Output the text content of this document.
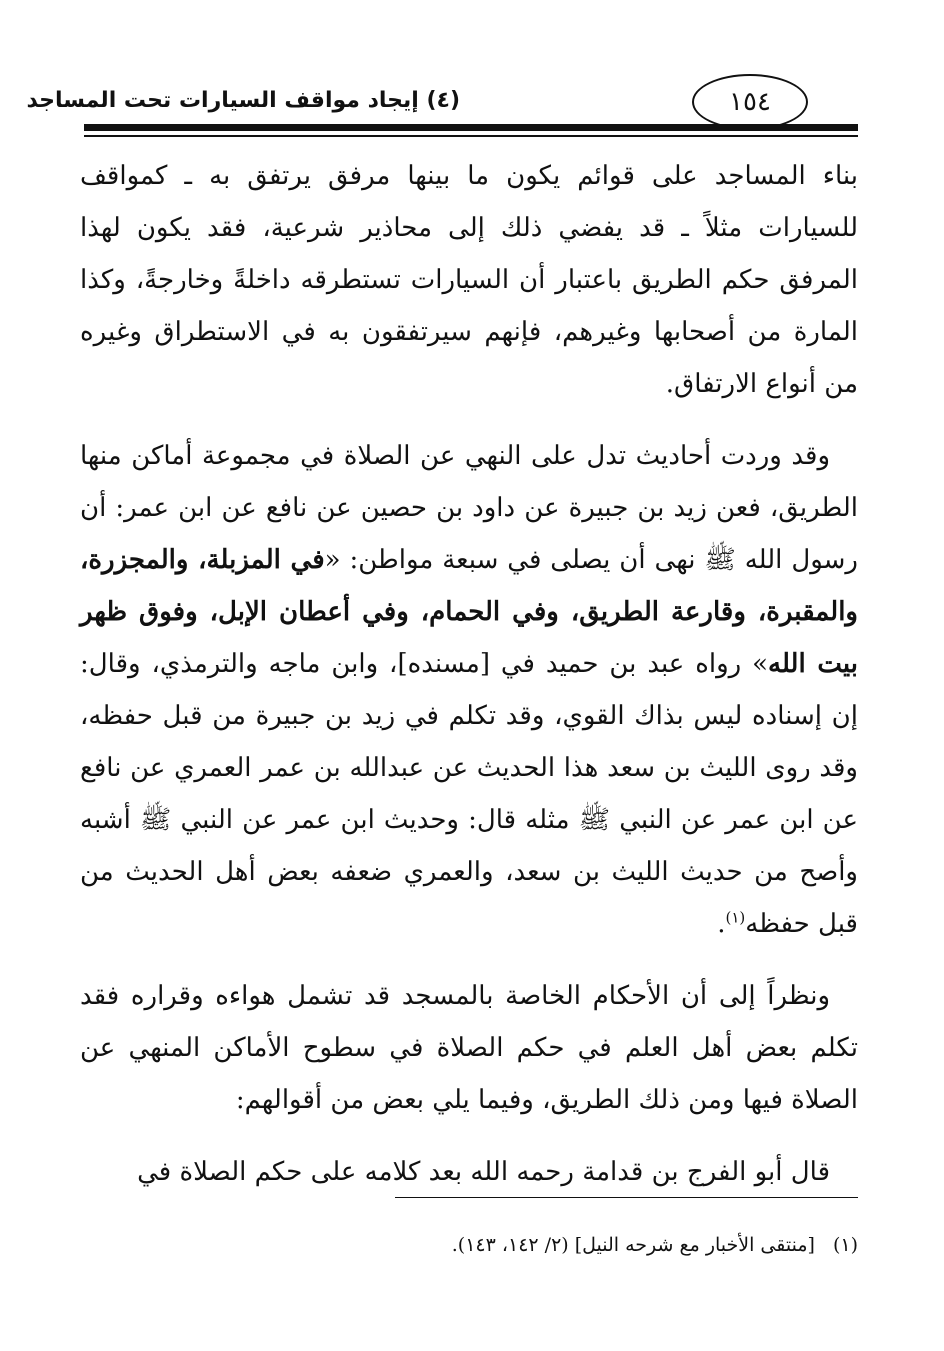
(٤) إيجاد مواقف السيارات تحت المساجد	١٥٤

بناء المساجد على قوائم يكون ما بينها مرفق يرتفق به ـ كمواقف للسيارات مثلاً ـ قد يفضي ذلك إلى محاذير شرعية، فقد يكون لهذا المرفق حكم الطريق باعتبار أن السيارات تستطرقه داخلةً وخارجةً، وكذا المارة من أصحابها وغيرهم، فإنهم سيرتفقون به في الاستطراق وغيره من أنواع الارتفاق.

وقد وردت أحاديث تدل على النهي عن الصلاة في مجموعة أماكن منها الطريق، فعن زيد بن جبيرة عن داود بن حصين عن نافع عن ابن عمر: أن رسول الله ﷺ نهى أن يصلى في سبعة مواطن: «في المزبلة، والمجزرة، والمقبرة، وقارعة الطريق، وفي الحمام، وفي أعطان الإبل، وفوق ظهر بيت الله» رواه عبد بن حميد في [مسنده]، وابن ماجه والترمذي، وقال: إن إسناده ليس بذاك القوي، وقد تكلم في زيد بن جبيرة من قبل حفظه، وقد روى الليث بن سعد هذا الحديث عن عبدالله بن عمر العمري عن نافع عن ابن عمر عن النبي ﷺ مثله قال: وحديث ابن عمر عن النبي ﷺ أشبه وأصح من حديث الليث بن سعد، والعمري ضعفه بعض أهل الحديث من قبل حفظه$^{(١)}$.

ونظراً إلى أن الأحكام الخاصة بالمسجد قد تشمل هواءه وقراره فقد تكلم بعض أهل العلم في حكم الصلاة في سطوح الأماكن المنهي عن الصلاة فيها ومن ذلك الطريق، وفيما يلي بعض من أقوالهم:

قال أبو الفرج بن قدامة رحمه الله بعد كلامه على حكم الصلاة في

(١)[منتقى الأخبار مع شرحه النيل] (٢/ ١٤٢، ١٤٣).
